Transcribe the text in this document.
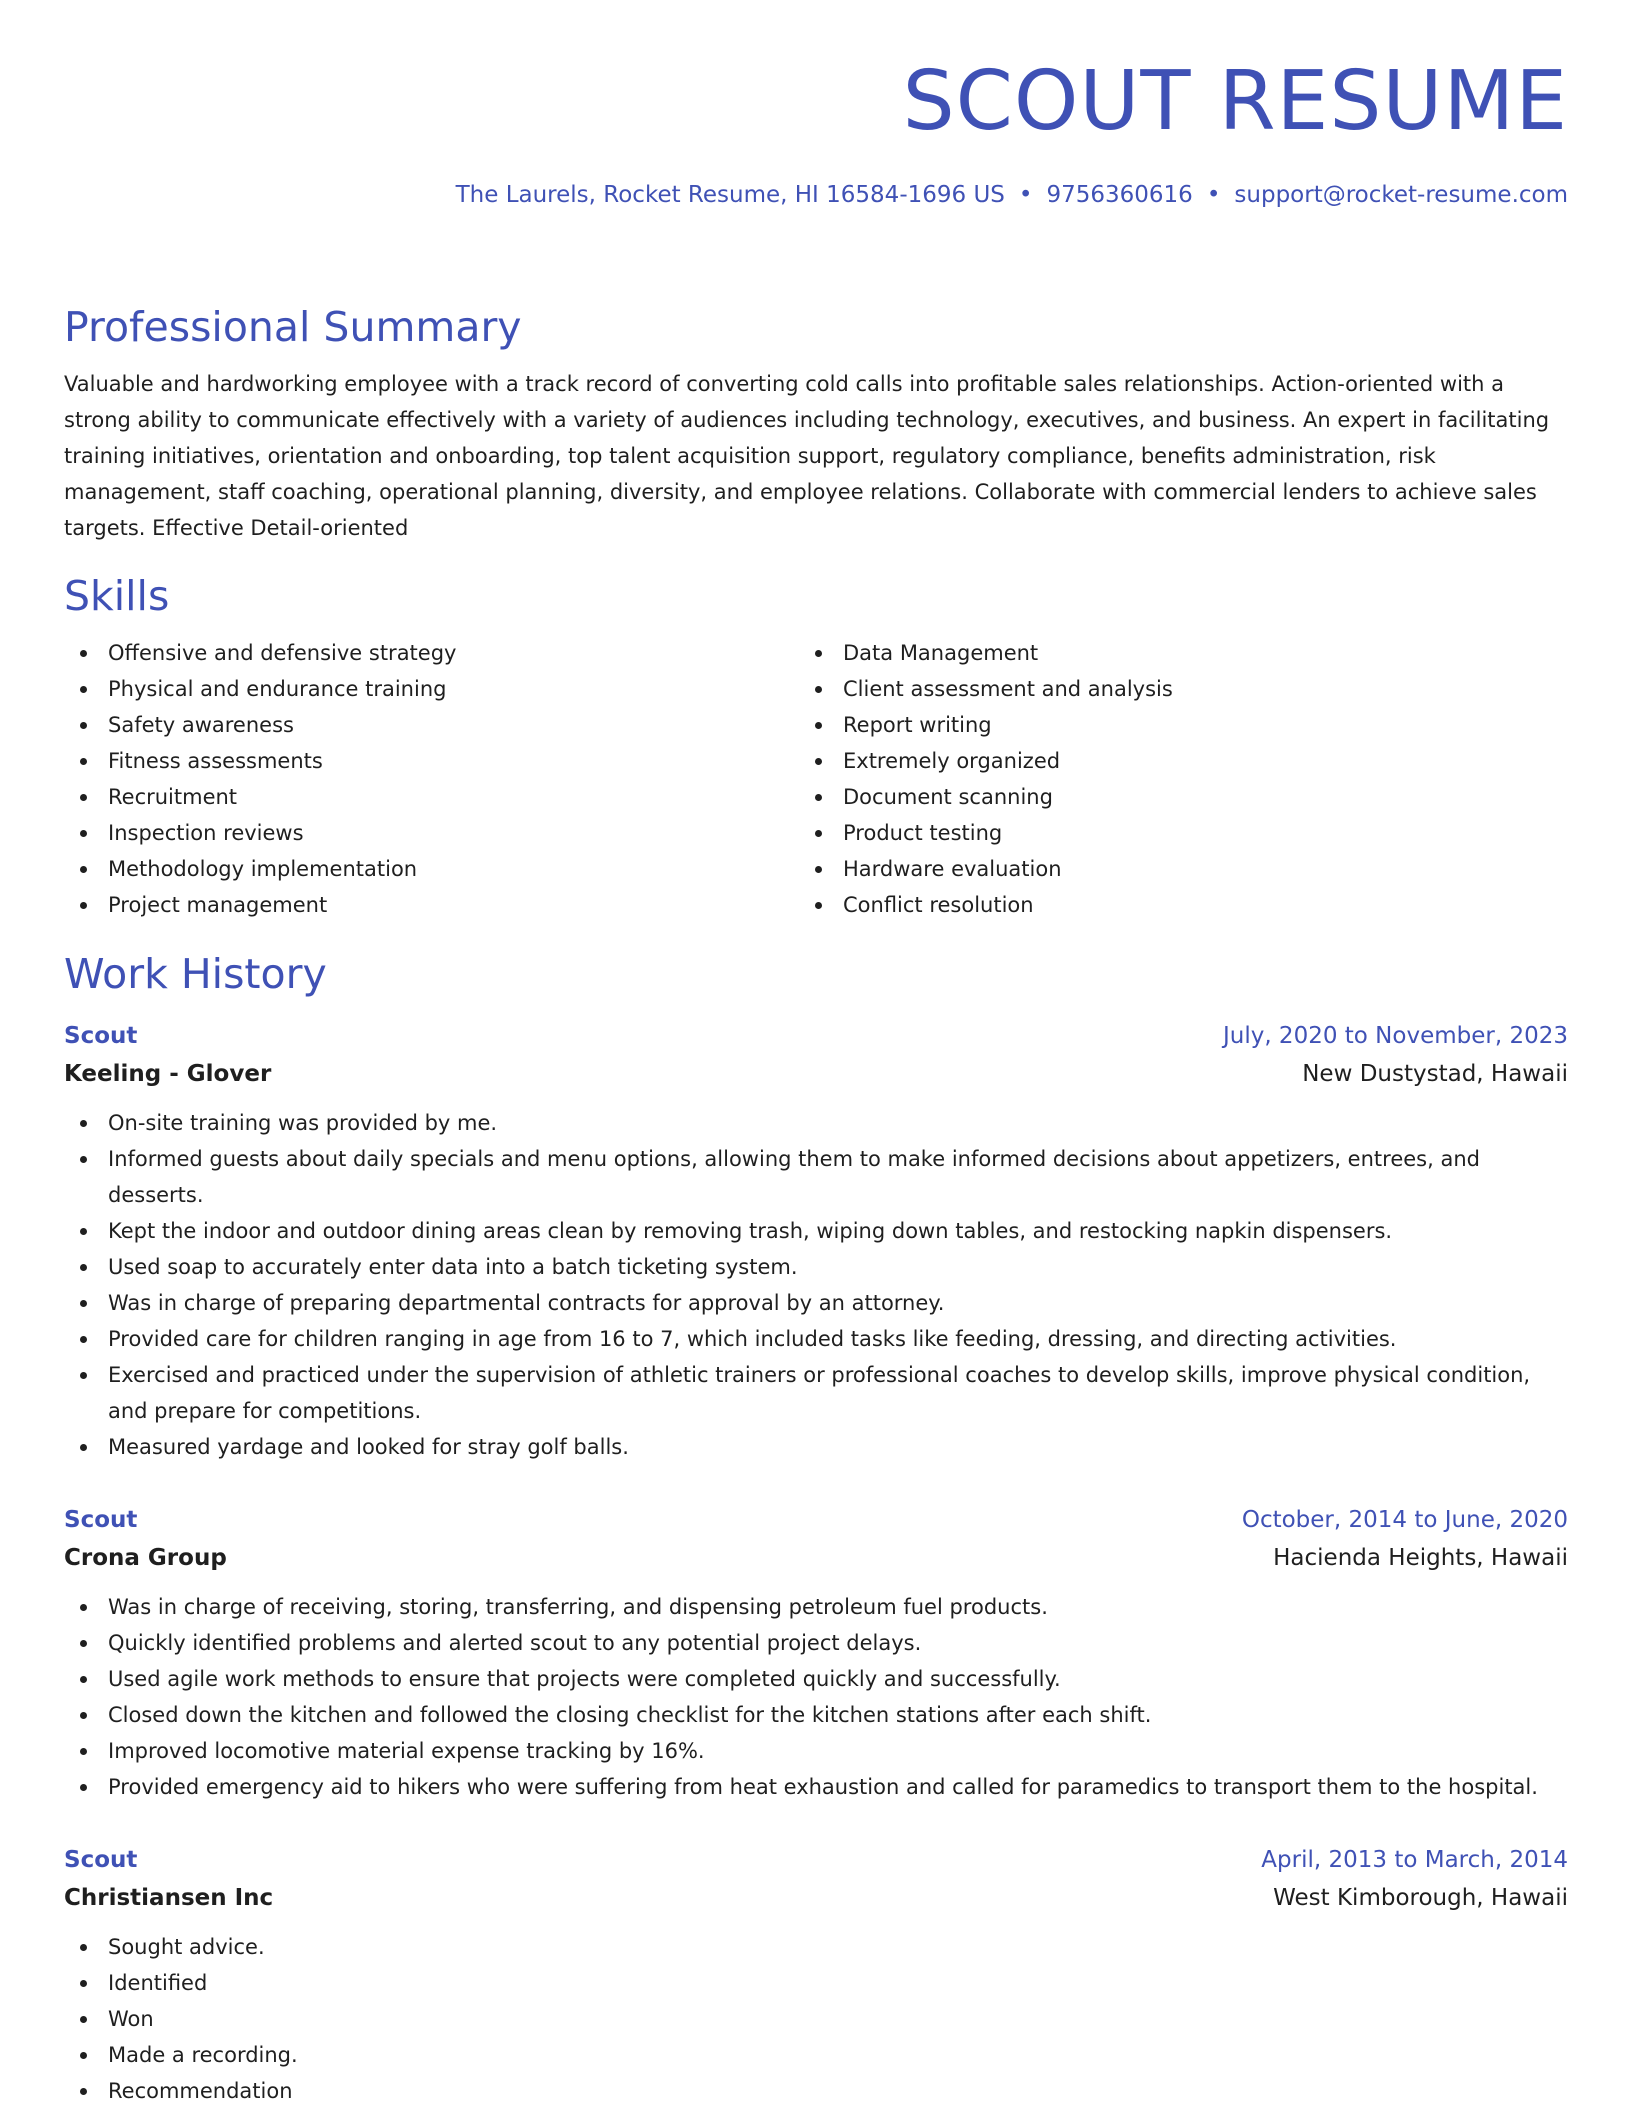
SCOUT RESUME
The Laurels, Rocket Resume, HI 16584-1696 US • 9756360616 • support@rocket-resume.com
Professional Summary

Valuable and hardworking employee with a track record of converting cold calls into profitable sales relationships. Action-oriented with a strong ability to communicate effectively with a variety of audiences including technology, executives, and business. An expert in facilitating training initiatives, orientation and onboarding, top talent acquisition support, regulatory compliance, benefits administration, risk management, staff coaching, operational planning, diversity, and employee relations. Collaborate with commercial lenders to achieve sales targets. Effective Detail-oriented

Skills
Offensive and defensive strategy
Physical and endurance training
Safety awareness
Fitness assessments
Recruitment
Inspection reviews
Methodology implementation
Project management
Data Management
Client assessment and analysis
Report writing
Extremely organized
Document scanning
Product testing
Hardware evaluation
Conflict resolution
Work History
Scout	July, 2020 to November, 2023
Keeling - Glover	New Dustystad, Hawaii
On-site training was provided by me.
Informed guests about daily specials and menu options, allowing them to make informed decisions about appetizers, entrees, and desserts.
Kept the indoor and outdoor dining areas clean by removing trash, wiping down tables, and restocking napkin dispensers.
Used soap to accurately enter data into a batch ticketing system.
Was in charge of preparing departmental contracts for approval by an attorney.
Provided care for children ranging in age from 16 to 7, which included tasks like feeding, dressing, and directing activities.
Exercised and practiced under the supervision of athletic trainers or professional coaches to develop skills, improve physical condition, and prepare for competitions.
Measured yardage and looked for stray golf balls.
Scout	October, 2014 to June, 2020
Crona Group	Hacienda Heights, Hawaii
Was in charge of receiving, storing, transferring, and dispensing petroleum fuel products.
Quickly identified problems and alerted scout to any potential project delays.
Used agile work methods to ensure that projects were completed quickly and successfully.
Closed down the kitchen and followed the closing checklist for the kitchen stations after each shift.
Improved locomotive material expense tracking by 16%.
Provided emergency aid to hikers who were suffering from heat exhaustion and called for paramedics to transport them to the hospital.
Scout	April, 2013 to March, 2014
Christiansen Inc	West Kimborough, Hawaii
Sought advice.
Identified
Won
Made a recording.
Recommendation
